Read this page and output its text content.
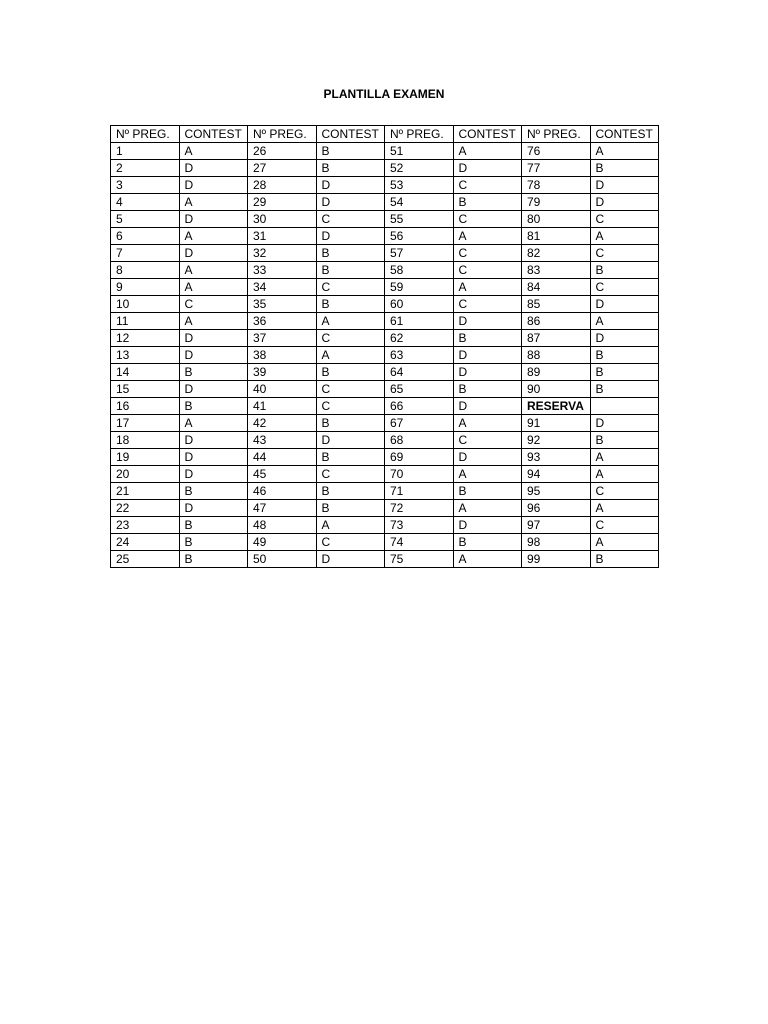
PLANTILLA EXAMEN
Nº PREG.	CONTEST	Nº PREG.	CONTEST	Nº PREG.	CONTEST	Nº PREG.	CONTEST
1	A	26	B	51	A	76	A
2	D	27	B	52	D	77	B
3	D	28	D	53	C	78	D
4	A	29	D	54	B	79	D
5	D	30	C	55	C	80	C
6	A	31	D	56	A	81	A
7	D	32	B	57	C	82	C
8	A	33	B	58	C	83	B
9	A	34	C	59	A	84	C
10	C	35	B	60	C	85	D
11	A	36	A	61	D	86	A
12	D	37	C	62	B	87	D
13	D	38	A	63	D	88	B
14	B	39	B	64	D	89	B
15	D	40	C	65	B	90	B
16	B	41	C	66	D	RESERVA	
17	A	42	B	67	A	91	D
18	D	43	D	68	C	92	B
19	D	44	B	69	D	93	A
20	D	45	C	70	A	94	A
21	B	46	B	71	B	95	C
22	D	47	B	72	A	96	A
23	B	48	A	73	D	97	C
24	B	49	C	74	B	98	A
25	B	50	D	75	A	99	B
